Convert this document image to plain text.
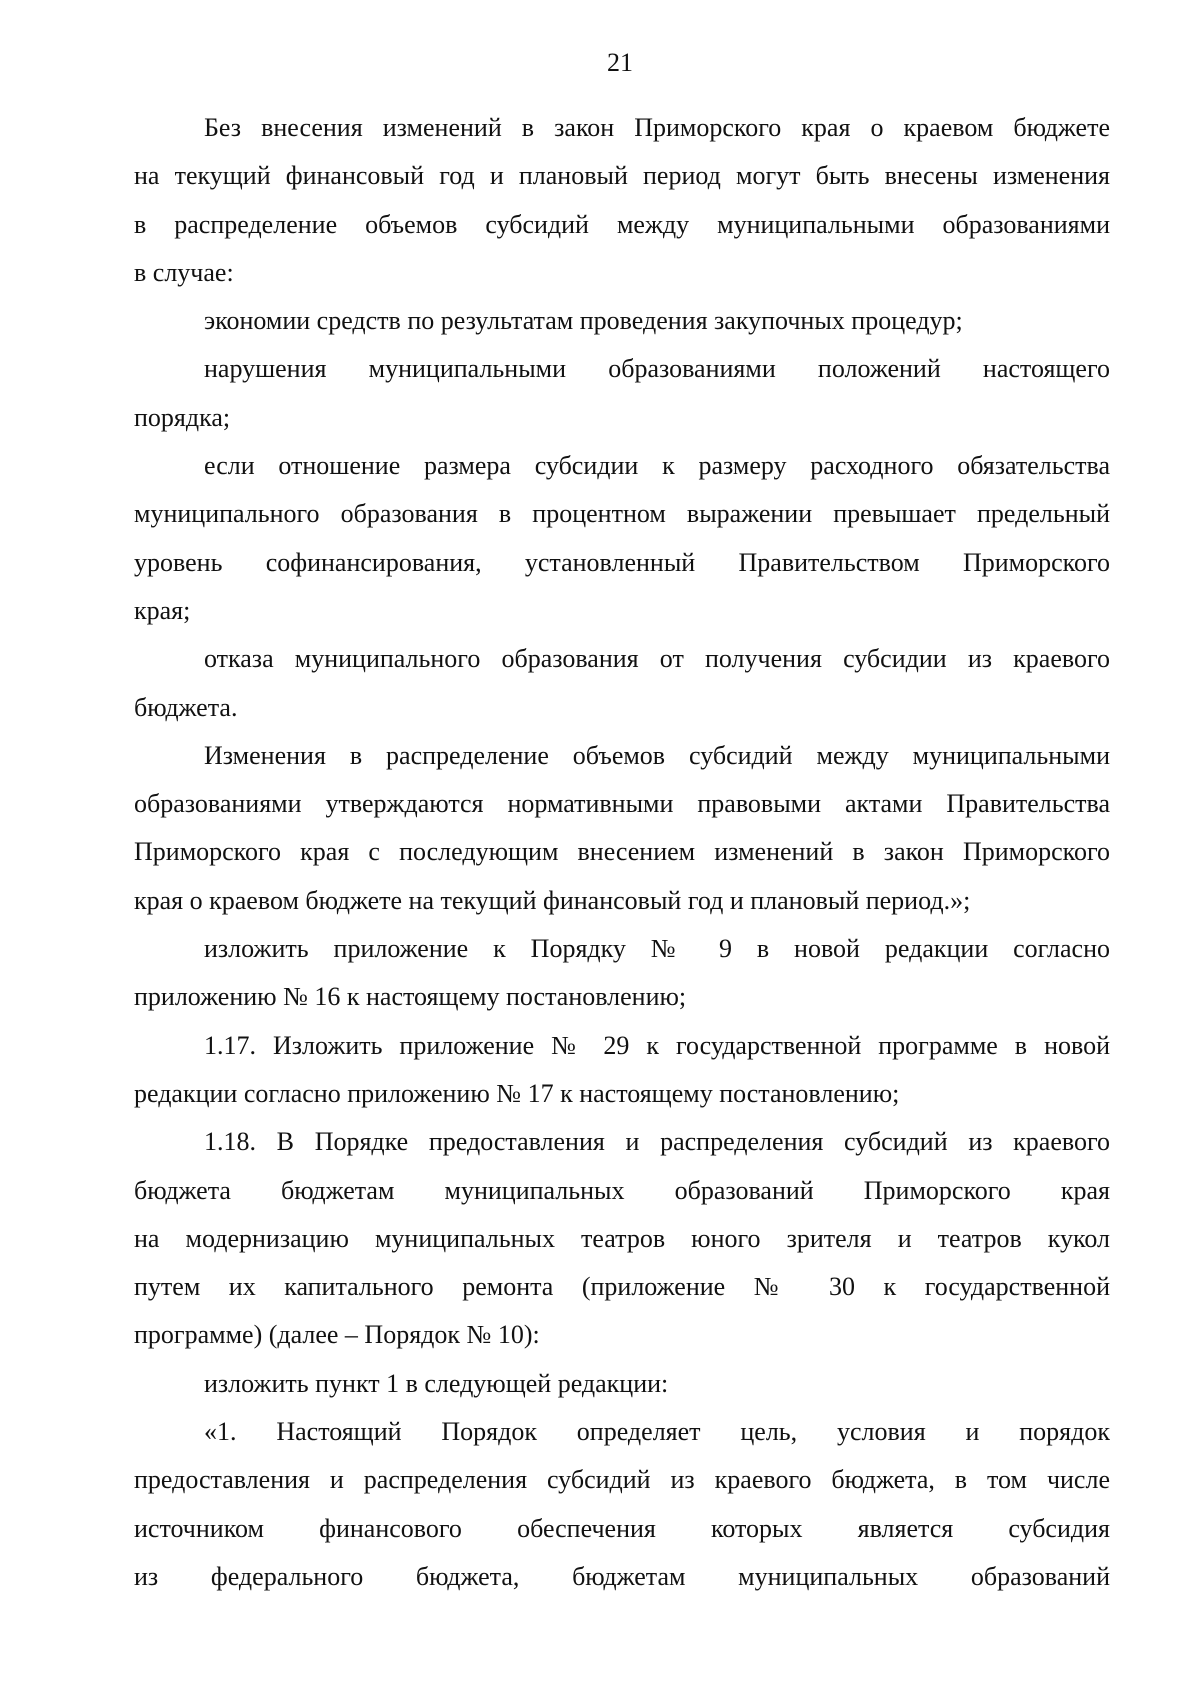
21
Без внесения изменений в закон Приморского края о краевом бюджете
на текущий финансовый год и плановый период могут быть внесены изменения
в распределение объемов субсидий между муниципальными образованиями
в случае:
экономии средств по результатам проведения закупочных процедур;
нарушения муниципальными образованиями положений настоящего
порядка;
если отношение размера субсидии к размеру расходного обязательства
муниципального образования в процентном выражении превышает предельный
уровень софинансирования, установленный Правительством Приморского
края;
отказа муниципального образования от получения субсидии из краевого
бюджета.
Изменения в распределение объемов субсидий между муниципальными
образованиями утверждаются нормативными правовыми актами Правительства
Приморского края с последующим внесением изменений в закон Приморского
края о краевом бюджете на текущий финансовый год и плановый период.»;
изложить приложение к Порядку № 9 в новой редакции согласно
приложению № 16 к настоящему постановлению;
1.17. Изложить приложение № 29 к государственной программе в новой
редакции согласно приложению № 17 к настоящему постановлению;
1.18. В Порядке предоставления и распределения субсидий из краевого
бюджета бюджетам муниципальных образований Приморского края
на модернизацию муниципальных театров юного зрителя и театров кукол
путем их капитального ремонта (приложение № 30 к государственной
программе) (далее – Порядок № 10):
изложить пункт 1 в следующей редакции:
«1. Настоящий Порядок определяет цель, условия и порядок
предоставления и распределения субсидий из краевого бюджета, в том числе
источником финансового обеспечения которых является субсидия
из федерального бюджета, бюджетам муниципальных образований
